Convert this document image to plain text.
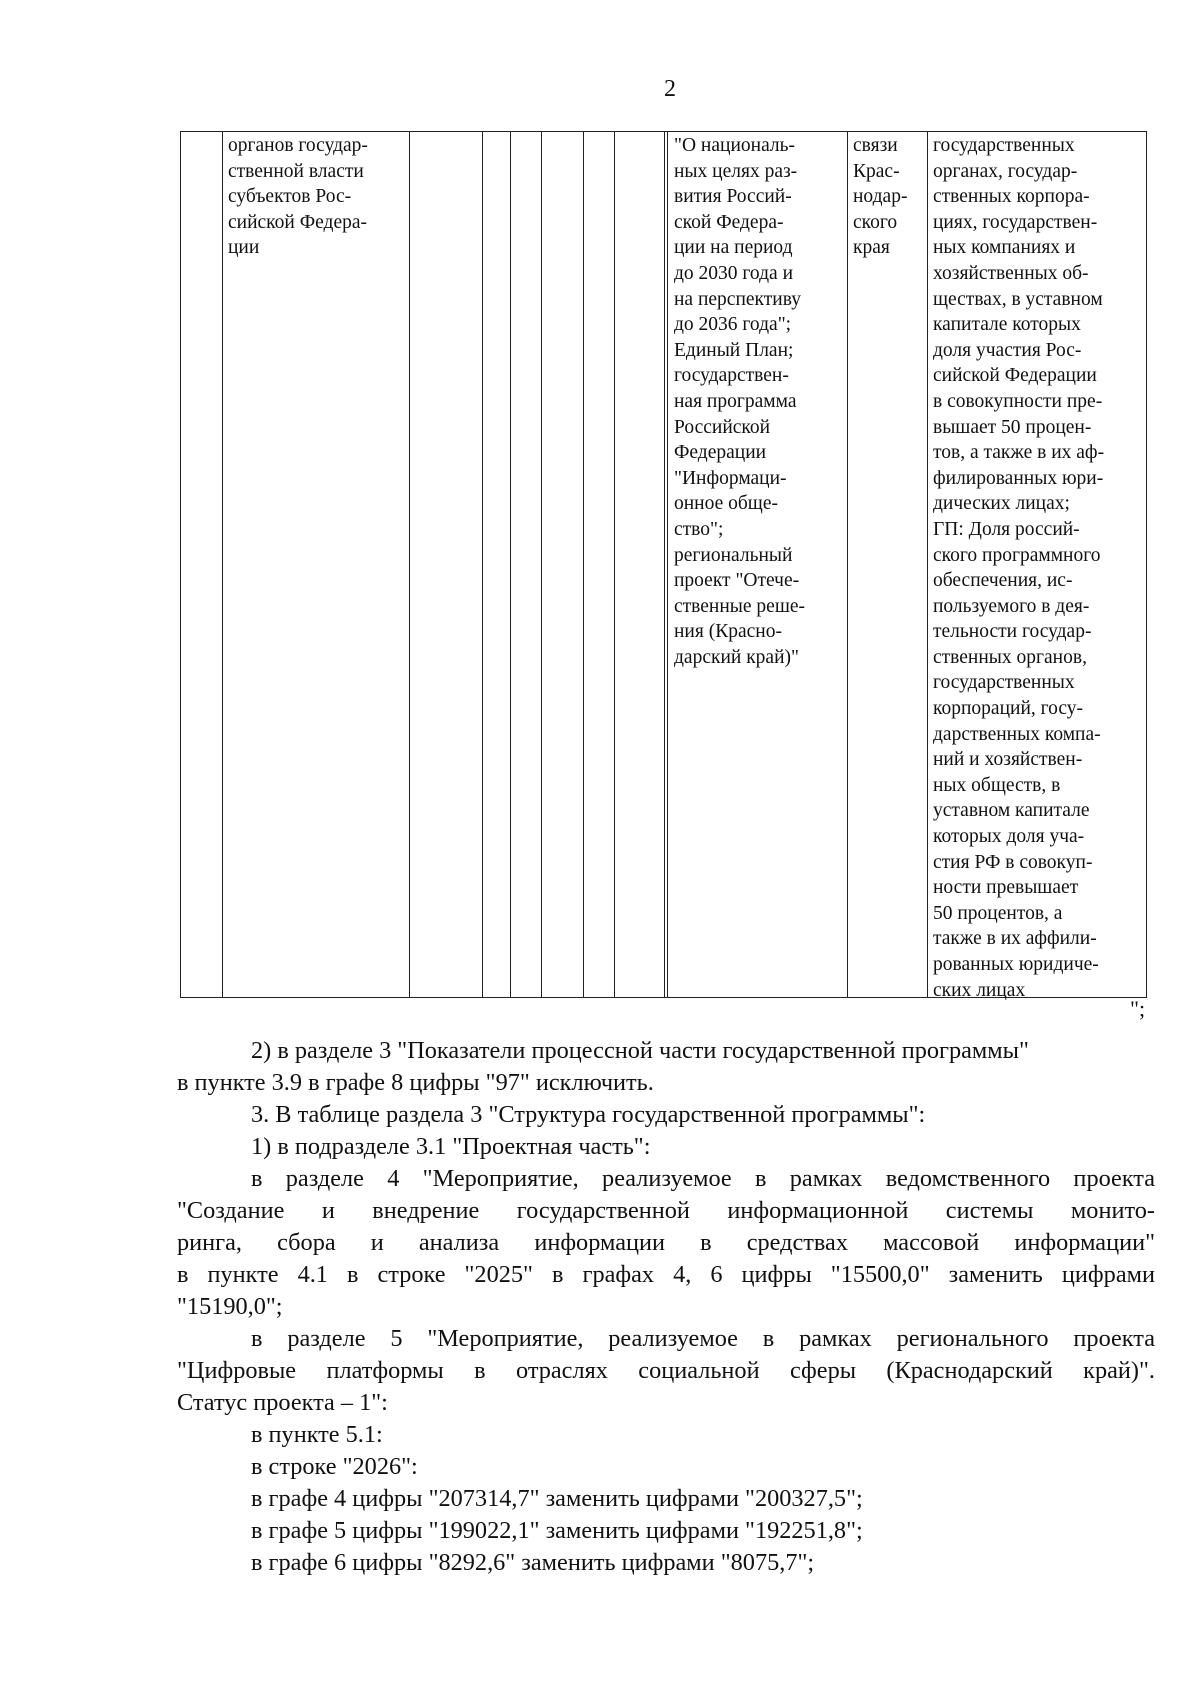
2
органов государ-
ственной власти
субъектов Рос-
сийской Федера-
ции
"О националь-
ных целях раз-
вития Россий-
ской Федера-
ции на период
до 2030 года и
на перспективу
до 2036 года";
Единый План;
государствен-
ная программа
Российской
Федерации
"Информаци-
онное обще-
ство";
региональный
проект "Отече-
ственные реше-
ния (Красно-
дарский край)"
связи
Крас-
нодар-
ского
края
государственных
органах, государ-
ственных корпора-
циях, государствен-
ных компаниях и
хозяйственных об-
ществах, в уставном
капитале которых
доля участия Рос-
сийской Федерации
в совокупности пре-
вышает 50 процен-
тов, а также в их аф-
филированных юри-
дических лицах;
ГП: Доля россий-
ского программного
обеспечения, ис-
пользуемого в дея-
тельности государ-
ственных органов,
государственных
корпораций, госу-
дарственных компа-
ний и хозяйствен-
ных обществ, в
уставном капитале
которых доля уча-
стия РФ в совокуп-
ности превышает
50 процентов, а
также в их аффили-
рованных юридиче-
ских лицах
";
2) в разделе 3 "Показатели процессной части государственной программы"
в пункте 3.9 в графе 8 цифры "97" исключить.
3. В таблице раздела 3 "Структура государственной программы":
1) в подразделе 3.1 "Проектная часть":
в разделе 4 "Мероприятие, реализуемое в рамках ведомственного проекта
"Создание и внедрение государственной информационной системы монито-
ринга, сбора и анализа информации в средствах массовой информации"
в пункте 4.1 в строке "2025" в графах 4, 6 цифры "15500,0" заменить цифрами
"15190,0";
в разделе 5 "Мероприятие, реализуемое в рамках регионального проекта
"Цифровые платформы в отраслях социальной сферы (Краснодарский край)".
Статус проекта – 1":
в пункте 5.1:
в строке "2026":
в графе 4 цифры "207314,7" заменить цифрами "200327,5";
в графе 5 цифры "199022,1" заменить цифрами "192251,8";
в графе 6 цифры "8292,6" заменить цифрами "8075,7";
